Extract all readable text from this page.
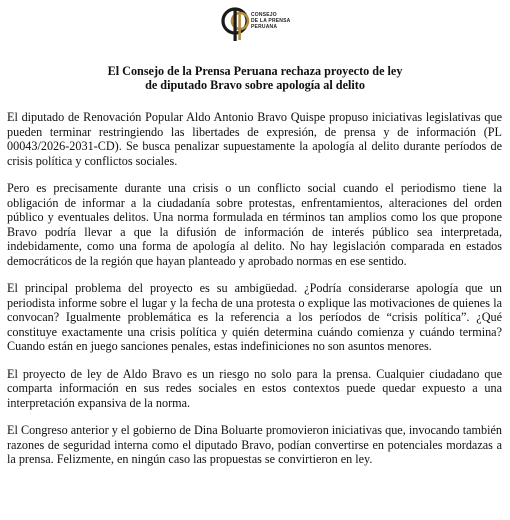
CONSEJO
DE LA PRENSA
PERUANA
El Consejo de la Prensa Peruana rechaza proyecto de ley
de diputado Bravo sobre apología al delito

El diputado de Renovación Popular Aldo Antonio Bravo Quispe propuso iniciativas legislativas que pueden terminar restringiendo las libertades de expresión, de prensa y de información (PL 00043/2026-2031-CD). Se busca penalizar supuestamente la apología al delito durante períodos de crisis política y conflictos sociales.

Pero es precisamente durante una crisis o un conflicto social cuando el periodismo tiene la obligación de informar a la ciudadanía sobre protestas, enfrentamientos, alteraciones del orden público y eventuales delitos. Una norma formulada en términos tan amplios como los que propone Bravo podría llevar a que la difusión de información de interés público sea interpretada, indebidamente, como una forma de apología al delito. No hay legislación comparada en estados democráticos de la región que hayan planteado y aprobado normas en ese sentido.

El principal problema del proyecto es su ambigüedad. ¿Podría considerarse apología que un periodista informe sobre el lugar y la fecha de una protesta o explique las motivaciones de quienes la convocan? Igualmente problemática es la referencia a los períodos de “crisis política”. ¿Qué constituye exactamente una crisis política y quién determina cuándo comienza y cuándo termina? Cuando están en juego sanciones penales, estas indefiniciones no son asuntos menores.

El proyecto de ley de Aldo Bravo es un riesgo no solo para la prensa. Cualquier ciudadano que comparta información en sus redes sociales en estos contextos puede quedar expuesto a una interpretación expansiva de la norma.

El Congreso anterior y el gobierno de Dina Boluarte promovieron iniciativas que, invocando también razones de seguridad interna como el diputado Bravo, podían convertirse en potenciales mordazas a la prensa. Felizmente, en ningún caso las propuestas se convirtieron en ley.
